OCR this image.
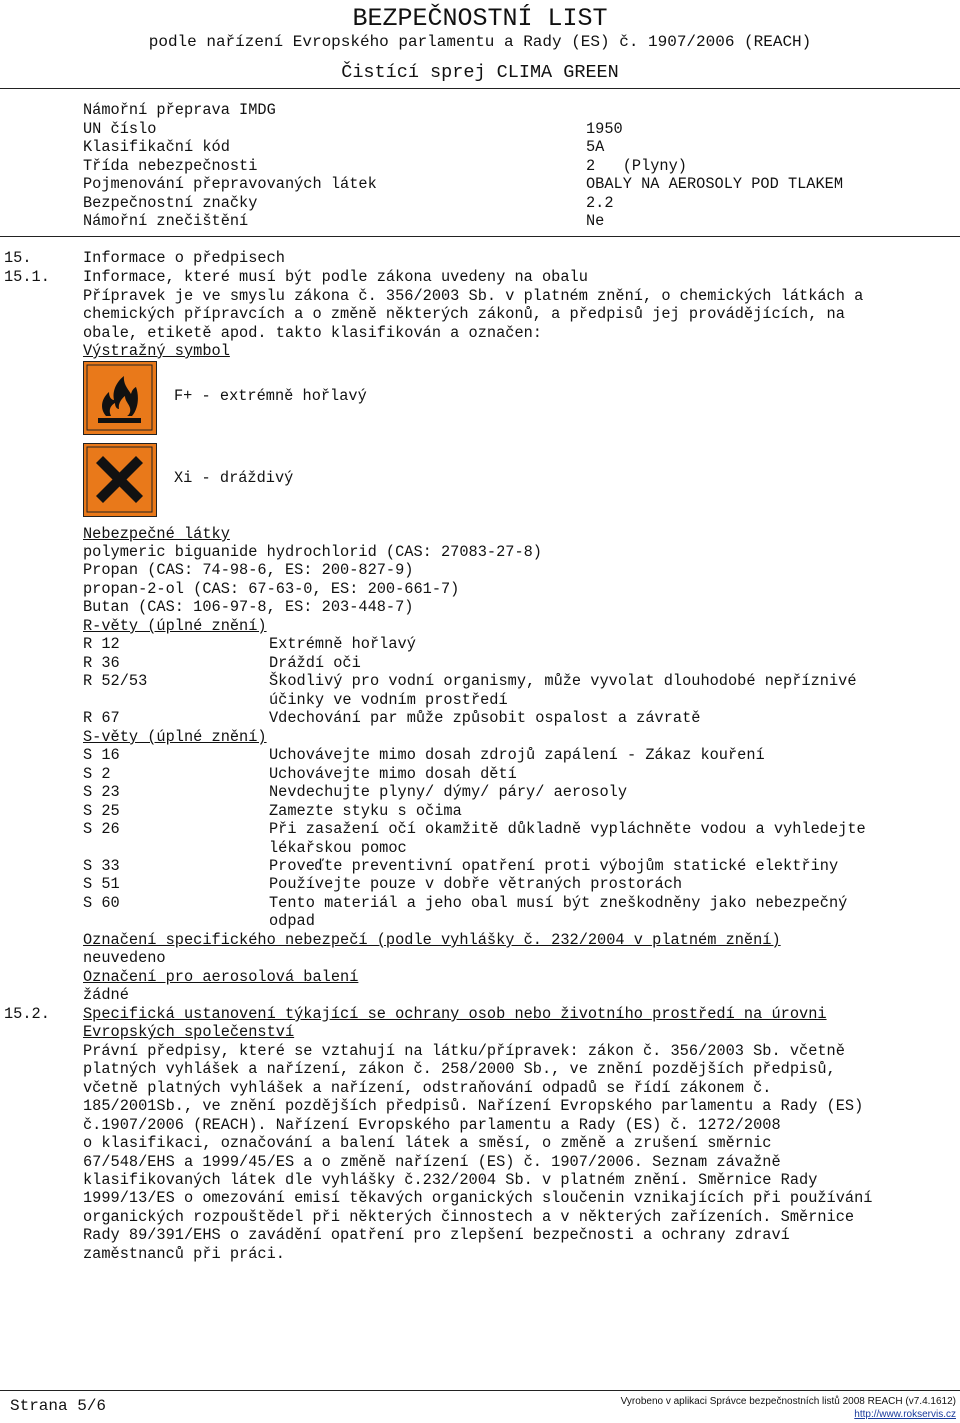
BEZPEČNOSTNÍ LIST
podle nařízení Evropského parlamentu a Rady (ES) č. 1907/2006 (REACH)
Čistící sprej CLIMA GREEN
Námořní přeprava IMDG
UN číslo	1950
Klasifikační kód	5A
Třída nebezpečnosti	2   (Plyny)
Pojmenování přepravovaných látek	OBALY NA AEROSOLY POD TLAKEM
Bezpečnostní značky	2.2
Námořní znečištění	Ne
15.	Informace o předpisech
15.1. Informace, které musí být podle zákona uvedeny na obalu
Přípravek je ve smyslu zákona č. 356/2003 Sb. v platném znění, o chemických látkách a
chemických přípravcích a o změně některých zákonů, a předpisů jej provádějících, na
obale, etiketě apod. takto klasifikován a označen:
Výstražný symbol
F+ - extrémně hořlavý
Xi - dráždivý
Nebezpečné látky
polymeric biguanide hydrochlorid (CAS: 27083-27-8)
Propan (CAS: 74-98-6, ES: 200-827-9)
propan-2-ol (CAS: 67-63-0, ES: 200-661-7)
Butan (CAS: 106-97-8, ES: 203-448-7)
R-věty (úplné znění)
R 12	Extrémně hořlavý
R 36	Dráždí oči
R 52/53	Škodlivý pro vodní organismy, může vyvolat dlouhodobé nepříznivé
účinky ve vodním prostředí
R 67	Vdechování par může způsobit ospalost a závratě
S-věty (úplné znění)
S 16	Uchovávejte mimo dosah zdrojů zapálení - Zákaz kouření
S 2	Uchovávejte mimo dosah dětí
S 23	Nevdechujte plyny/ dýmy/ páry/ aerosoly
S 25	Zamezte styku s očima
S 26	Při zasažení očí okamžitě důkladně vypláchněte vodou a vyhledejte
lékařskou pomoc
S 33	Proveďte preventivní opatření proti výbojům statické elektřiny
S 51	Používejte pouze v dobře větraných prostorách
S 60	Tento materiál a jeho obal musí být zneškodněny jako nebezpečný
odpad
Označení specifického nebezpečí (podle vyhlášky č. 232/2004 v platném znění)
neuvedeno
Označení pro aerosolová balení
žádné
15.2. Specifická ustanovení týkající se ochrany osob nebo životního prostředí na úrovni
Evropských společenství
Právní předpisy, které se vztahují na látku/přípravek: zákon č. 356/2003 Sb. včetně
platných vyhlášek a nařízení, zákon č. 258/2000 Sb., ve znění pozdějších předpisů,
včetně platných vyhlášek a nařízení, odstraňování odpadů se řídí zákonem č.
185/2001Sb., ve znění pozdějších předpisů. Nařízení Evropského parlamentu a Rady (ES)
č.1907/2006 (REACH). Nařízení Evropského parlamentu a Rady (ES) č. 1272/2008
o klasifikaci, označování a balení látek a směsí, o změně a zrušení směrnic
67/548/EHS a 1999/45/ES a o změně nařízení (ES) č. 1907/2006. Seznam závažně
klasifikovaných látek dle vyhlášky č.232/2004 Sb. v platném znění. Směrnice Rady
1999/13/ES o omezování emisí těkavých organických sloučenin vznikajících při používání
organických rozpouštědel při některých činnostech a v některých zařízeních. Směrnice
Rady 89/391/EHS o zavádění opatření pro zlepšení bezpečnosti a ochrany zdraví
zaměstnanců při práci.
Strana 5/6	Vyrobeno v aplikaci Správce bezpečnostních listů 2008 REACH (v7.4.1612)
http://www.rokservis.cz
